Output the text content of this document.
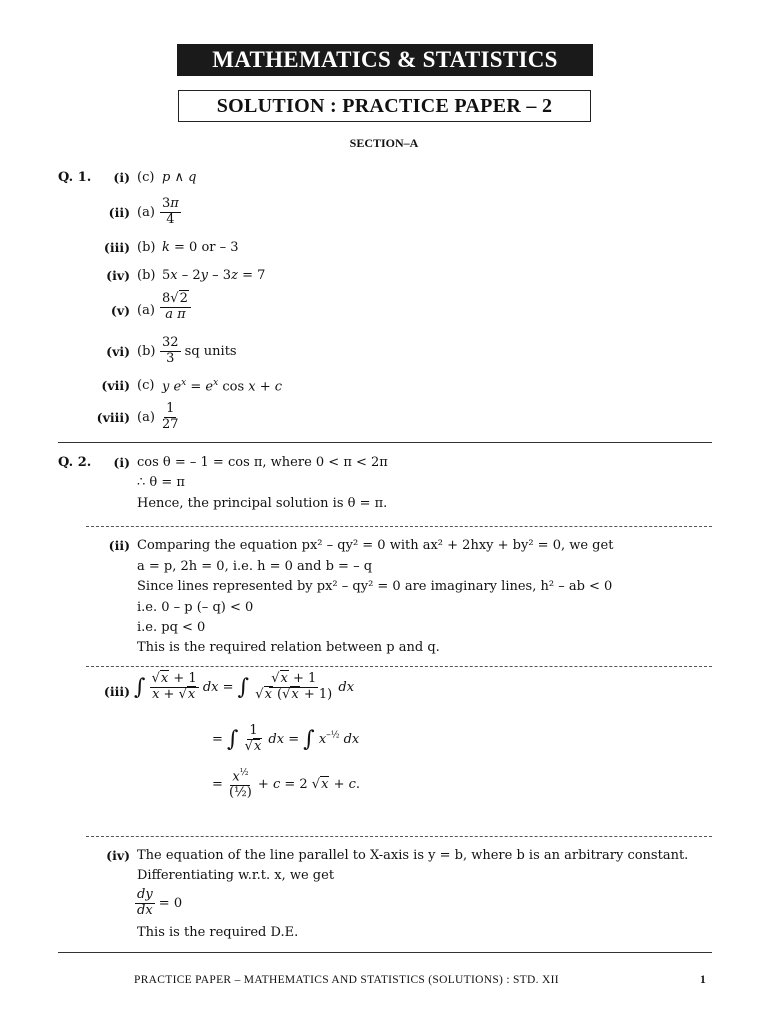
MATHEMATICS & STATISTICS
SOLUTION : PRACTICE PAPER – 2
SECTION–A
Q. 1.	(i) (c) p ∧ q
(ii) $(a) \frac{3\pi}{4}$
(iii) (b) k = 0 or – 3
(iv) (b) 5x – 2y – 3z = 7
(v) $(a) \frac{8√2}{\text{a π}}$
(vi) $(b) \frac{32}{3}$ sq units
(vii) (c) y $e^x = e^x$ cos x + c
(viii) $(a) \frac{1}{27}$
Q. 2.	(i) cos θ = – 1 = cos π, where 0 < π < 2π
∴ θ = π
Hence, the principal solution is θ = π.
(ii) Comparing the equation px² – qy² = 0 with ax² + 2hxy + by² = 0, we get
a = p, 2h = 0, i.e. h = 0 and b = – q
Since lines represented by px² – qy² = 0 are imaginary lines, h² – ab < 0
i.e. 0 – p (– q) < 0
i.e. pq < 0
This is the required relation between p and q.
(iii) ∫ $\frac{√x + 1}{x + √x}$ dx = ∫ $\frac{√x + 1}{√x (√x + 1)}$ dx
= ∫ $\frac{1}{√x}$ dx = ∫ $x^{-\frac{1}{2}}$ dx
= $\frac{x^{\frac{1}{2}}}{\text{(½)}} + c = 2$ √x + c.
(iv) The equation of the line parallel to X-axis is y = b, where b is an arbitrary constant.
Differentiating w.r.t. x, we get
$\frac{dy}{dx} = 0$
This is the required D.E.
PRACTICE PAPER – MATHEMATICS AND STATISTICS (SOLUTIONS) : STD. XII	1
